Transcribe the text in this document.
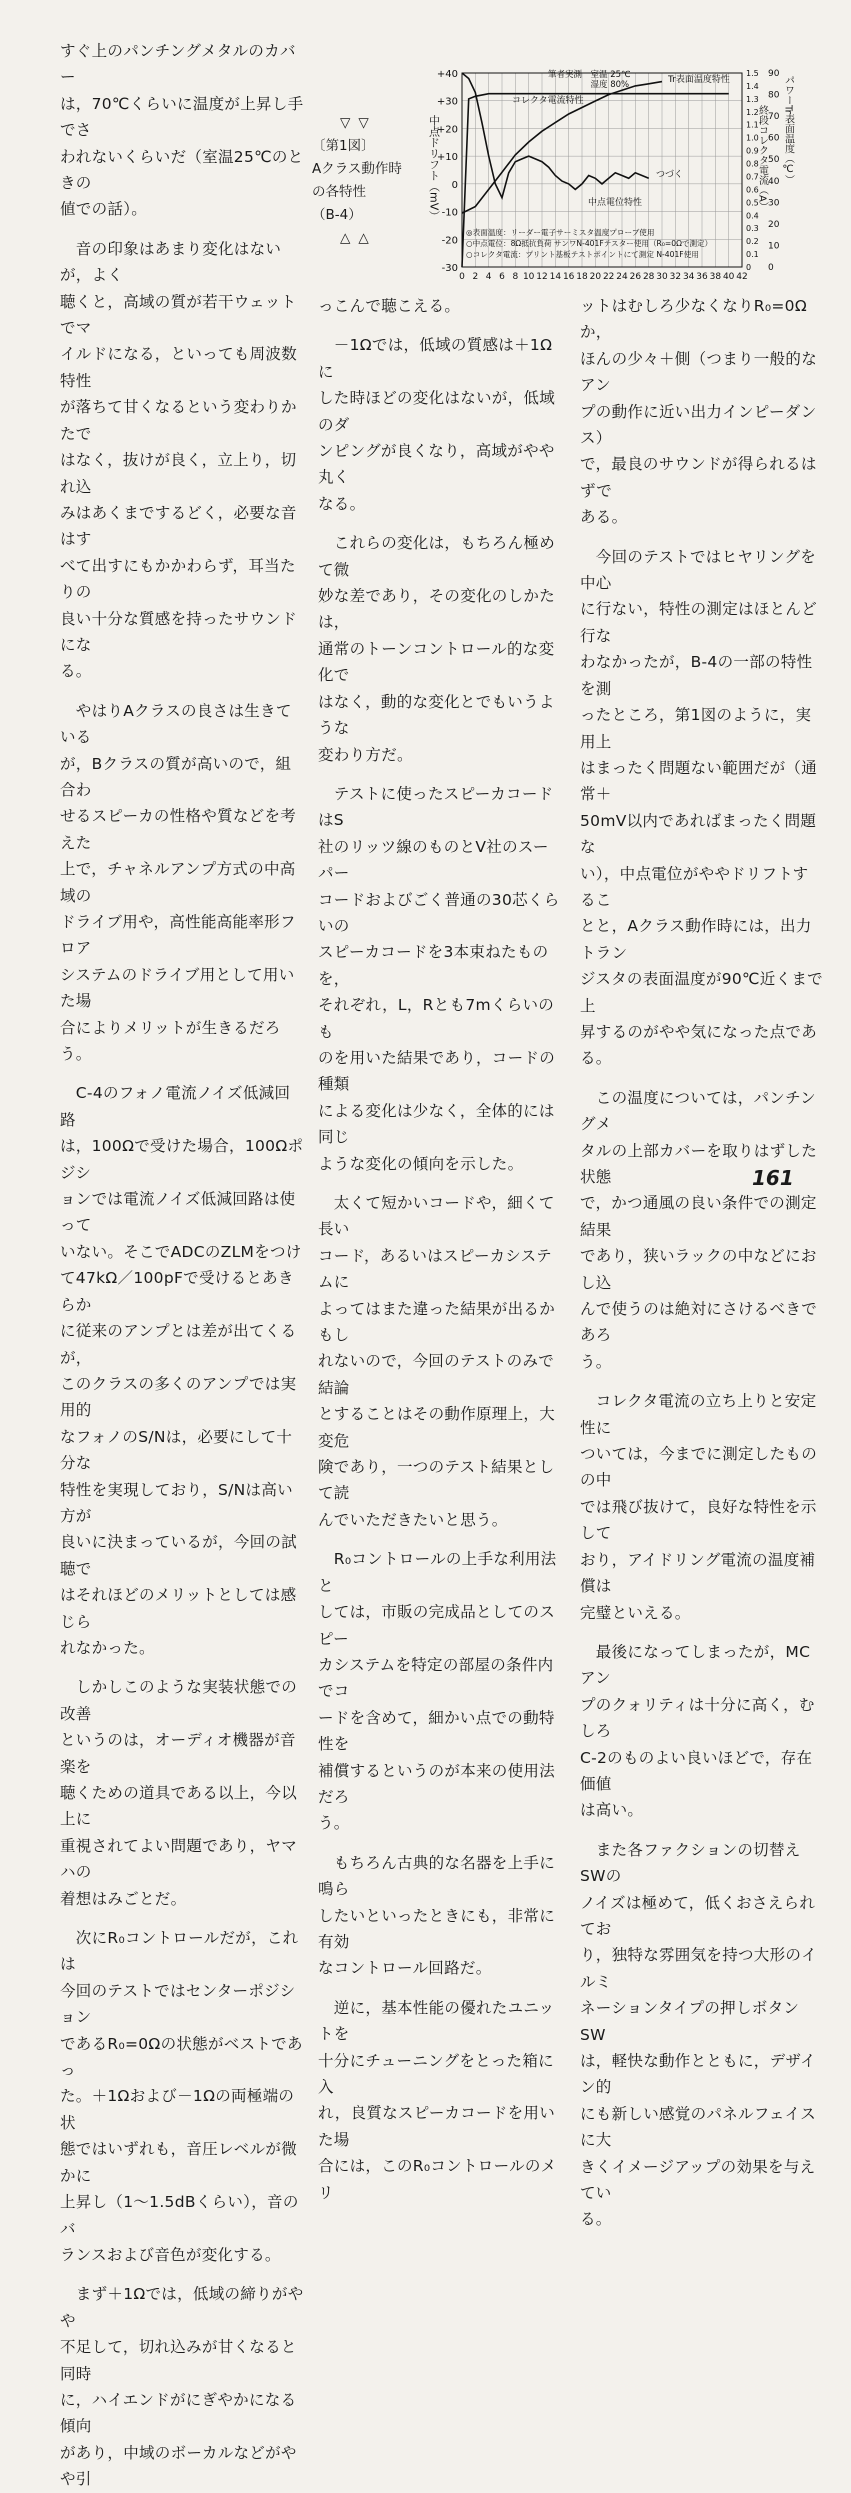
すぐ上のパンチングメタルのカバー
は，70℃くらいに温度が上昇し手でさ
われないくらいだ（室温25℃のときの
値での話）。

　音の印象はあまり変化はないが，よく
聴くと，高域の質が若干ウェットでマ
イルドになる，といっても周波数特性
が落ちて甘くなるという変わりかたで
はなく，抜けが良く，立上り，切れ込
みはあくまでするどく，必要な音はす
べて出すにもかかわらず，耳当たりの
良い十分な質感を持ったサウンドにな
る。

　やはりAクラスの良さは生きている
が，Bクラスの質が高いので，組合わ
せるスピーカの性格や質などを考えた
上で，チャネルアンプ方式の中高域の
ドライブ用や，高性能高能率形フロア
システムのドライブ用として用いた場
合によりメリットが生きるだろう。

　C-4のフォノ電流ノイズ低減回路
は，100Ωで受けた場合，100Ωポジシ
ョンでは電流ノイズ低減回路は使って
いない。そこでADCのZLMをつけ
て47kΩ／100pFで受けるとあきらか
に従来のアンプとは差が出てくるが，
このクラスの多くのアンプでは実用的
なフォノのS/Nは，必要にして十分な
特性を実現しており，S/Nは高い方が
良いに決まっているが，今回の試聴で
はそれほどのメリットとしては感じら
れなかった。

　しかしこのような実装状態での改善
というのは，オーディオ機器が音楽を
聴くための道具である以上，今以上に
重視されてよい問題であり，ヤマハの
着想はみごとだ。

　次にR₀コントロールだが，これは
今回のテストではセンターポジション
であるR₀=0Ωの状態がベストであっ
た。＋1Ωおよび－1Ωの両極端の状
態ではいずれも，音圧レベルが微かに
上昇し（1～1.5dBくらい），音のバ
ランスおよび音色が変化する。

　まず＋1Ωでは，低域の締りがやや
不足して，切れ込みが甘くなると同時
に，ハイエンドがにぎやかになる傾向
があり，中域のボーカルなどがやや引

っこんで聴こえる。

　－1Ωでは，低域の質感は＋1Ωに
した時ほどの変化はないが，低域のダ
ンピングが良くなり，高域がやや丸く
なる。

　これらの変化は，もちろん極めて微
妙な差であり，その変化のしかたは，
通常のトーンコントロール的な変化で
はなく，動的な変化とでもいうような
変わり方だ。

　テストに使ったスピーカコードはS
社のリッツ線のものとV社のスーパー
コードおよびごく普通の30芯くらいの
スピーカコードを3本束ねたものを，
それぞれ，L，Rとも7mくらいのも
のを用いた結果であり，コードの種類
による変化は少なく，全体的には同じ
ような変化の傾向を示した。

　太くて短かいコードや，細くて長い
コード，あるいはスピーカシステムに
よってはまた違った結果が出るかもし
れないので，今回のテストのみで結論
とすることはその動作原理上，大変危
険であり，一つのテスト結果として読
んでいただきたいと思う。

　R₀コントロールの上手な利用法と
しては，市販の完成品としてのスピー
カシステムを特定の部屋の条件内でコ
ードを含めて，細かい点での動特性を
補償するというのが本来の使用法だろ
う。

　もちろん古典的な名器を上手に鳴ら
したいといったときにも，非常に有効
なコントロール回路だ。

　逆に，基本性能の優れたユニットを
十分にチューニングをとった箱に入
れ，良質なスピーカコードを用いた場
合には，このR₀コントロールのメリ

ットはむしろ少なくなりR₀=0Ωか，
ほんの少々＋側（つまり一般的なアン
プの動作に近い出力インピーダンス）
で，最良のサウンドが得られるはずで
ある。

　今回のテストではヒヤリングを中心
に行ない，特性の測定はほとんど行な
わなかったが，B-4の一部の特性を測
ったところ，第1図のように，実用上
はまったく問題ない範囲だが（通常＋
50mV以内であればまったく問題な
い），中点電位がややドリフトするこ
とと，Aクラス動作時には，出力トラン
ジスタの表面温度が90℃近くまで上
昇するのがやや気になった点である。

　この温度については，パンチングメ
タルの上部カバーを取りはずした状態
で，かつ通風の良い条件での測定結果
であり，狭いラックの中などにおし込
んで使うのは絶対にさけるべきであろ
う。

　コレクタ電流の立ち上りと安定性に
ついては，今までに測定したものの中
では飛び抜けて，良好な特性を示して
おり，アイドリング電流の温度補償は
完璧といえる。

　最後になってしまったが，MCアン
プのクォリティは十分に高く，むしろ
C-2のものよい良いほどで，存在価値
は高い。

　また各ファクションの切替えSWの
ノイズは極めて，低くおさえられてお
り，独特な雰囲気を持つ大形のイルミ
ネーションタイプの押しボタンSW
は，軽快な動作とともに，デザイン的
にも新しい感覚のパネルフェイスに大
きくイメージアップの効果を与えてい
る。

▽▽
〔第1図〕
Aクラス動作時
の各特性
（B-4）
△△
+40
+30
+20
+10
0
-10
-20
-30
0 2 4 6 8 10 12 14 16 18 20 22 24 26 28 30 32 34 36 38 40 42
1.5
1.4
1.3
1.2
1.1
1.0
0.9
0.8
0.7
0.6
0.5
0.4
0.3
0.2
0.1
0
90
80
70
60
50
40
30
20
10
0
中点ドリフト（mV）	終段コレクタ電流（A） パワーTr表面温度（℃）
筆者実測　室温 25℃
　　　　　湿度 80%	Tr表面温度特性
コレクタ電流特性
中点電位特性
つづく
◎表面温度：リーダー電子サーミスタ温度プローブ使用
○中点電位：8Ω抵抗負荷 サンワN-401Fテスター使用（R₀=0Ωで測定）
○コレクタ電流：プリント基板テストポイントにて測定 N-401F使用
161
